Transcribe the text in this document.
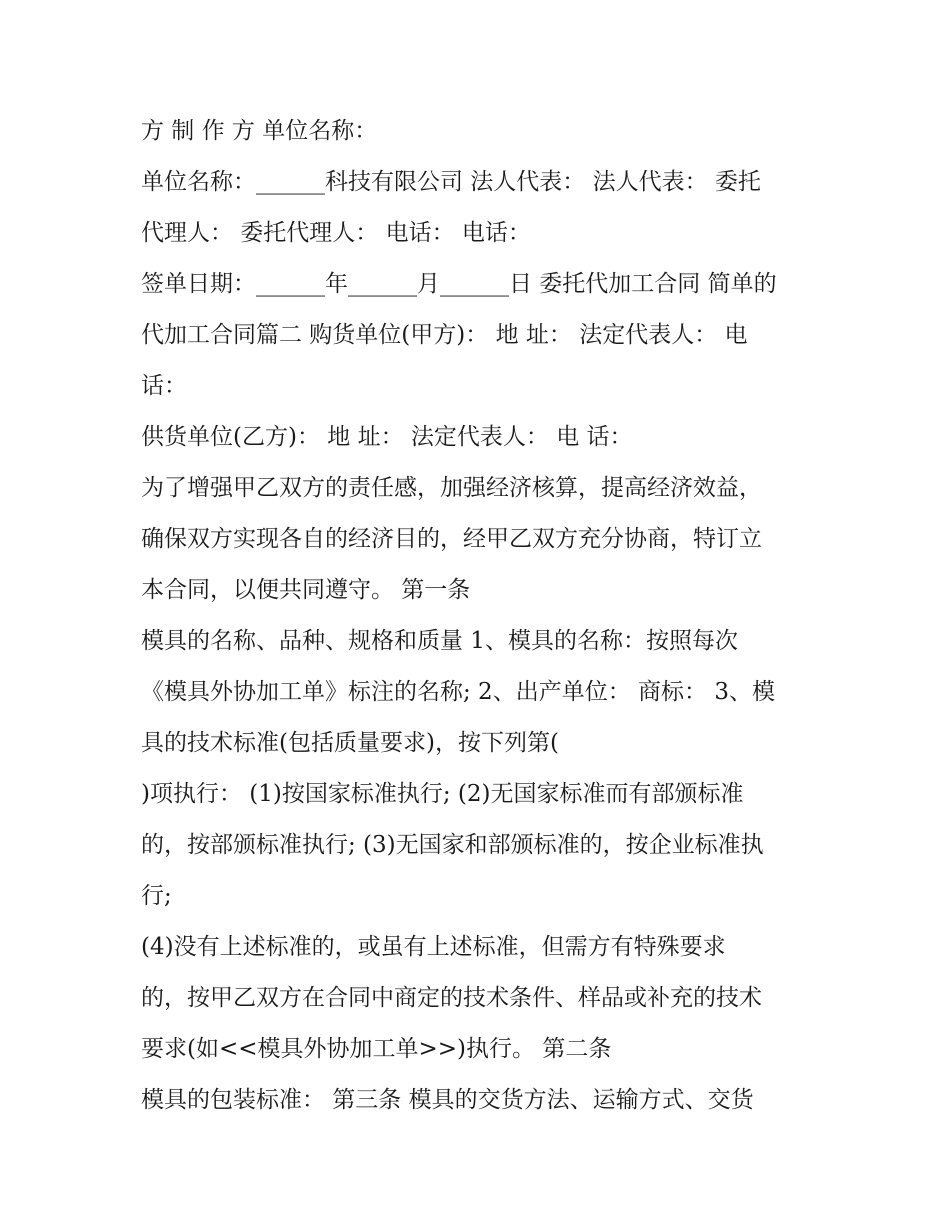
方 制 作 方 单位名称：
单位名称：______科技有限公司 法人代表： 法人代表： 委托
代理人： 委托代理人： 电话： 电话：
签单日期：______年______月______日 委托代加工合同 简单的
代加工合同篇二 购货单位(甲方)： 地 址： 法定代表人： 电
话：
供货单位(乙方)： 地 址： 法定代表人： 电 话：
为了增强甲乙双方的责任感，加强经济核算，提高经济效益，
确保双方实现各自的经济目的，经甲乙双方充分协商，特订立
本合同，以便共同遵守。 第一条
模具的名称、品种、规格和质量 1、模具的名称：按照每次
《模具外协加工单》标注的名称; 2、出产单位： 商标： 3、模
具的技术标准(包括质量要求)，按下列第(
)项执行： (1)按国家标准执行; (2)无国家标准而有部颁标准
的，按部颁标准执行; (3)无国家和部颁标准的，按企业标准执
行;
(4)没有上述标准的，或虽有上述标准，但需方有特殊要求
的，按甲乙双方在合同中商定的技术条件、样品或补充的技术
要求(如<<模具外协加工单>>)执行。 第二条
模具的包装标准： 第三条 模具的交货方法、运输方式、交货
